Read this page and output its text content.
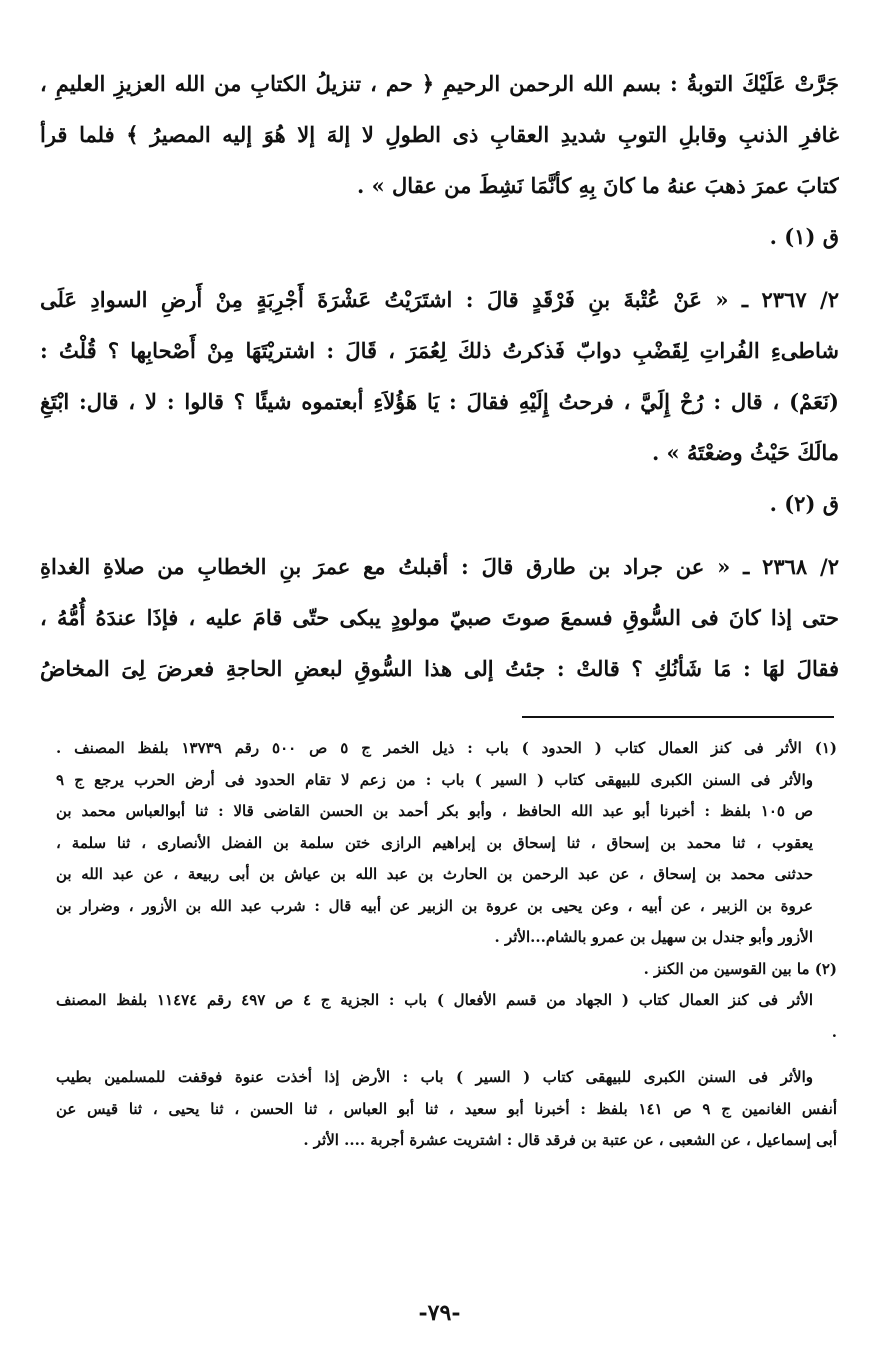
جَرَّتْ عَلَيْكَ التوبةُ : بسم الله الرحمن الرحيمِ ﴿ حم ، تنزيلُ الكتابِ من الله العزيزِ العليمِ ،
غافرِ الذنبِ وقابلِ التوبِ شديدِ العقابِ ذى الطولِ لا إلهَ إلا هُوَ إليه المصيرُ ﴾ فلما قرأ
كتابَ عمرَ ذهبَ عنهُ ما كانَ بِهِ كأنَّمَا نَشِطَ من عقال » .
ق (١) .
٢/ ٢٣٦٧ ـ « عَنْ عُتْبةَ بنِ فَرْقَدٍ قالَ : اشتَرَيْتُ عَشْرَةَ أَجْرِبَةٍ مِنْ أَرضِ السوادِ عَلَى
شاطىءِ الفُراتِ لِقَضْبِ دوابّ فَذكرتُ ذلكَ لِعُمَرَ ، قَالَ : اشتريْتَهَا مِنْ أَصْحابِها ؟ قُلْتُ :
(نَعَمْ) ، قال : رُحْ إِلَيَّ ، فرحتُ إِلَيْهِ فقالَ : يَا هَؤُلاَءِ أبعتموه شيئًا ؟ قالوا : لا ، قال: ابْتَغِ
مالَكَ حَيْثُ وضعْتَهُ » .
ق (٢) .
٢/ ٢٣٦٨ ـ « عن جراد بن طارق قالَ : أقبلتُ مع عمرَ بنِ الخطابِ من صلاةِ الغداةِ
حتى إذا كانَ فى السُّوقِ فسمعَ صوتَ صبيّ مولودٍ يبكى حتّى قامَ عليه ، فإذَا عندَهُ أُمُّهُ ،
فقالَ لهَا : مَا شَأنُكِ ؟ قالتْ : جئتُ إلى هذا السُّوقِ لبعضِ الحاجةِ فعرضَ لِىَ المخاضُ
(١) الأثر فى كنز العمال كتاب ( الحدود ) باب : ذيل الخمر ج ٥ ص ٥٠٠ رقم ١٣٧٣٩ بلفظ المصنف .
والأثر فى السنن الكبرى للبيهقى كتاب ( السير ) باب : من زعم لا تقام الحدود فى أرض الحرب يرجع ج ٩
ص ١٠٥ بلفظ : أخبرنا أبو عبد الله الحافظ ، وأبو بكر أحمد بن الحسن القاضى قالا : ثنا أبوالعباس محمد بن
يعقوب ، ثنا محمد بن إسحاق ، ثنا إسحاق بن إبراهيم الرازى ختن سلمة بن الفضل الأنصارى ، ثنا سلمة ،
حدثنى محمد بن إسحاق ، عن عبد الرحمن بن الحارث بن عبد الله بن عياش بن أبى ربيعة ، عن عبد الله بن
عروة بن الزبير ، عن أبيه ، وعن يحيى بن عروة بن الزبير عن أبيه قال : شرب عبد الله بن الأزور ، وضرار بن
الأزور وأبو جندل بن سهيل بن عمرو بالشام...الأثر .
(٢) ما بين القوسين من الكنز .
الأثر فى كنز العمال كتاب ( الجهاد من قسم الأفعال ) باب : الجزية ج ٤ ص ٤٩٧ رقم ١١٤٧٤ بلفظ المصنف
.
والأثر فى السنن الكبرى للبيهقى كتاب ( السير ) باب : الأرض إذا أخذت عنوة فوقفت للمسلمين بطيب
أنفس الغانمين ج ٩ ص ١٤١ بلفظ : أخبرنا أبو سعيد ، ثنا أبو العباس ، ثنا الحسن ، ثنا يحيى ، ثنا قيس عن
أبى إسماعيل ، عن الشعبى ، عن عتبة بن فرقد قال : اشتريت عشرة أجربة .... الأثر .
-٧٩-
